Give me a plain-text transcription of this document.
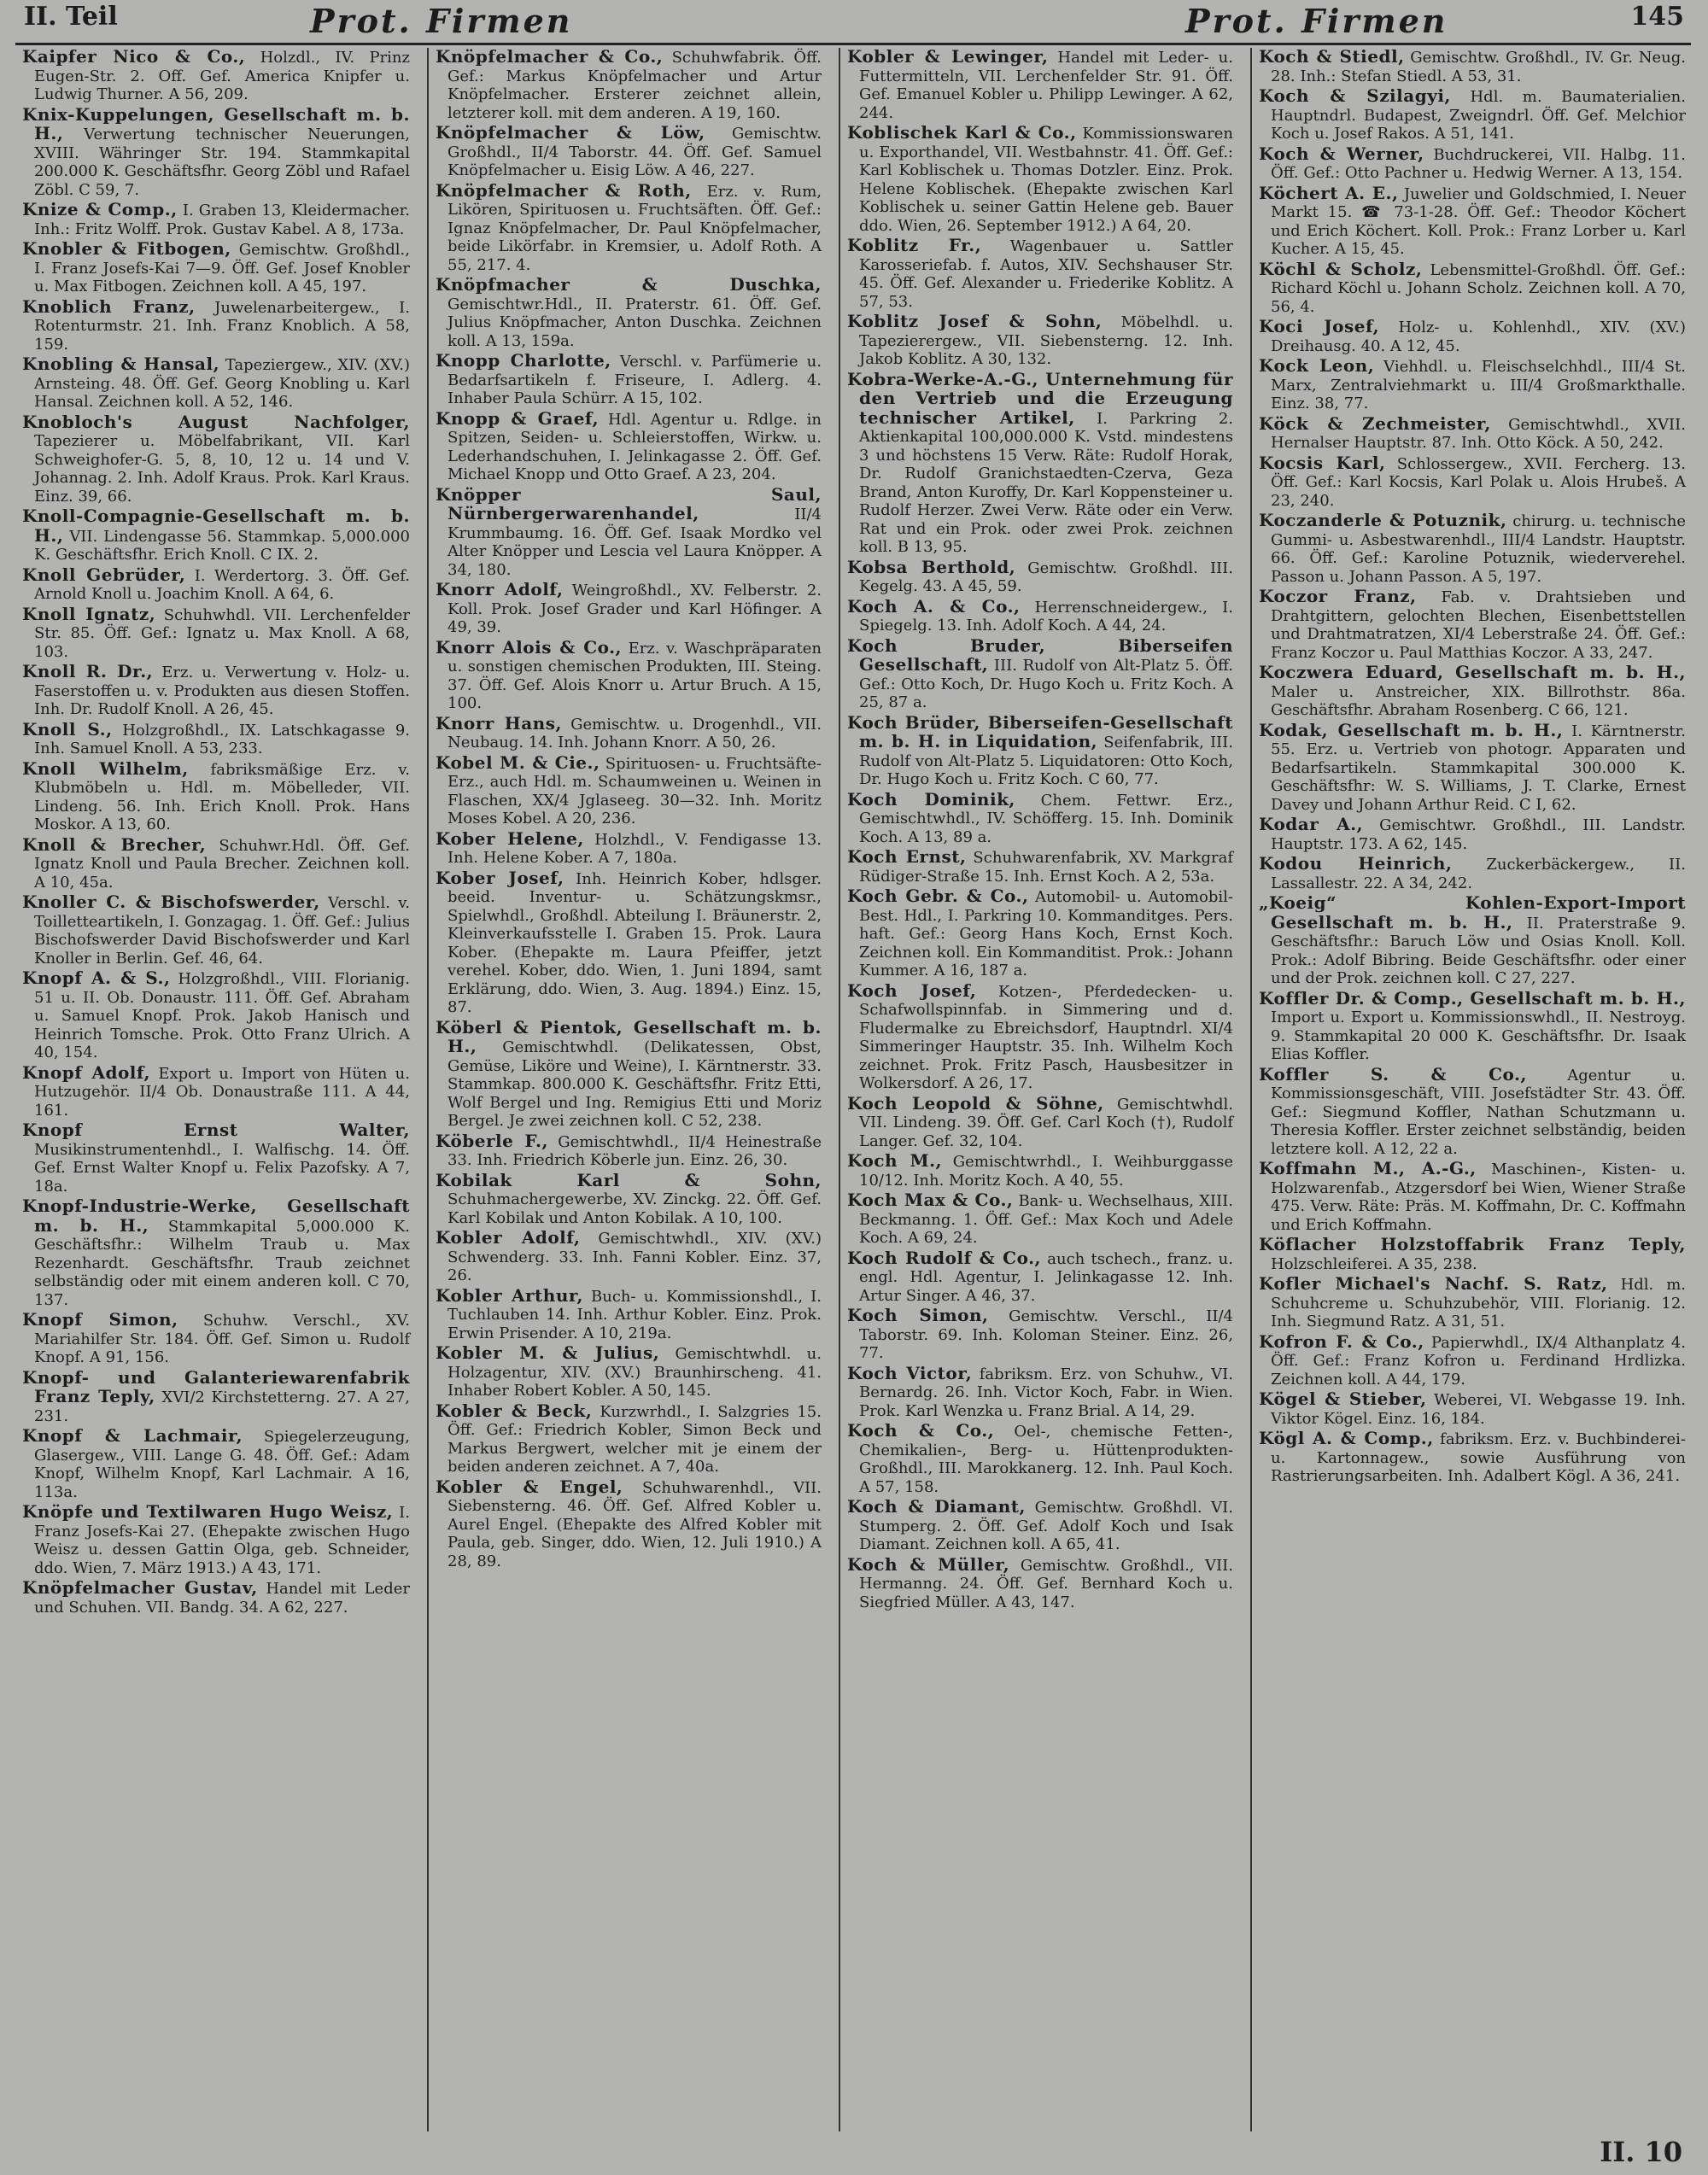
II. Teil	Prot. Firmen	Prot. Firmen	145
Kaipfer Nico & Co., Holzdl., IV. Prinz Eugen-Str. 2. Off. Gef. America Knipfer u. Ludwig Thurner. A 56, 209.
Knix-Kuppelungen, Gesellschaft m. b. H., Verwertung technischer Neuerungen, XVIII. Währinger Str. 194. Stammkapital 200.000 K. Geschäftsfhr. Georg Zöbl und Rafael Zöbl. C 59, 7.
Knize & Comp., I. Graben 13, Kleidermacher. Inh.: Fritz Wolff. Prok. Gustav Kabel. A 8, 173a.
Knobler & Fitbogen, Gemischtw. Großhdl., I. Franz Josefs-Kai 7—9. Öff. Gef. Josef Knobler u. Max Fitbogen. Zeichnen koll. A 45, 197.
Knoblich Franz, Juwelenarbeitergew., I. Rotenturmstr. 21. Inh. Franz Knoblich. A 58, 159.
Knobling & Hansal, Tapeziergew., XIV. (XV.) Arnsteing. 48. Öff. Gef. Georg Knobling u. Karl Hansal. Zeichnen koll. A 52, 146.
Knobloch's August Nachfolger, Tapezierer u. Möbelfabrikant, VII. Karl Schweighofer-G. 5, 8, 10, 12 u. 14 und V. Johannag. 2. Inh. Adolf Kraus. Prok. Karl Kraus. Einz. 39, 66.
Knoll-Compagnie-Gesellschaft m. b. H., VII. Lindengasse 56. Stammkap. 5,000.000 K. Geschäftsfhr. Erich Knoll. C IX. 2.
Knoll Gebrüder, I. Werdertorg. 3. Öff. Gef. Arnold Knoll u. Joachim Knoll. A 64, 6.
Knoll Ignatz, Schuhwhdl. VII. Lerchenfelder Str. 85. Öff. Gef.: Ignatz u. Max Knoll. A 68, 103.
Knoll R. Dr., Erz. u. Verwertung v. Holz- u. Faserstoffen u. v. Produkten aus diesen Stoffen. Inh. Dr. Rudolf Knoll. A 26, 45.
Knoll S., Holzgroßhdl., IX. Latschkagasse 9. Inh. Samuel Knoll. A 53, 233.
Knoll Wilhelm, fabriksmäßige Erz. v. Klubmöbeln u. Hdl. m. Möbelleder, VII. Lindeng. 56. Inh. Erich Knoll. Prok. Hans Moskor. A 13, 60.
Knoll & Brecher, Schuhwr.Hdl. Öff. Gef. Ignatz Knoll und Paula Brecher. Zeichnen koll. A 10, 45a.
Knoller C. & Bischofswerder, Verschl. v. Toilletteartikeln, I. Gonzagag. 1. Öff. Gef.: Julius Bischofswerder David Bischofswerder und Karl Knoller in Berlin. Gef. 46, 64.
Knopf A. & S., Holzgroßhdl., VIII. Florianig. 51 u. II. Ob. Donaustr. 111. Öff. Gef. Abraham u. Samuel Knopf. Prok. Jakob Hanisch und Heinrich Tomsche. Prok. Otto Franz Ulrich. A 40, 154.
Knopf Adolf, Export u. Import von Hüten u. Hutzugehör. II/4 Ob. Donaustraße 111. A 44, 161.
Knopf Ernst Walter, Musikinstrumentenhdl., I. Walfischg. 14. Öff. Gef. Ernst Walter Knopf u. Felix Pazofsky. A 7, 18a.
Knopf-Industrie-Werke, Gesellschaft m. b. H., Stammkapital 5,000.000 K. Geschäftsfhr.: Wilhelm Traub u. Max Rezenhardt. Geschäftsfhr. Traub zeichnet selbständig oder mit einem anderen koll. C 70, 137.
Knopf Simon, Schuhw. Verschl., XV. Mariahilfer Str. 184. Öff. Gef. Simon u. Rudolf Knopf. A 91, 156.
Knopf- und Galanteriewarenfabrik Franz Teply, XVI/2 Kirchstetterng. 27. A 27, 231.
Knopf & Lachmair, Spiegelerzeugung, Glasergew., VIII. Lange G. 48. Öff. Gef.: Adam Knopf, Wilhelm Knopf, Karl Lachmair. A 16, 113a.
Knöpfe und Textilwaren Hugo Weisz, I. Franz Josefs-Kai 27. (Ehepakte zwischen Hugo Weisz u. dessen Gattin Olga, geb. Schneider, ddo. Wien, 7. März 1913.) A 43, 171.
Knöpfelmacher Gustav, Handel mit Leder und Schuhen. VII. Bandg. 34. A 62, 227.
Knöpfelmacher & Co., Schuhwfabrik. Öff. Gef.: Markus Knöpfelmacher und Artur Knöpfelmacher. Ersterer zeichnet allein, letzterer koll. mit dem anderen. A 19, 160.
Knöpfelmacher & Löw, Gemischtw. Großhdl., II/4 Taborstr. 44. Öff. Gef. Samuel Knöpfelmacher u. Eisig Löw. A 46, 227.
Knöpfelmacher & Roth, Erz. v. Rum, Likören, Spirituosen u. Fruchtsäften. Öff. Gef.: Ignaz Knöpfelmacher, Dr. Paul Knöpfelmacher, beide Likörfabr. in Kremsier, u. Adolf Roth. A 55, 217. 4.
Knöpfmacher & Duschka, Gemischtwr.Hdl., II. Praterstr. 61. Öff. Gef. Julius Knöpfmacher, Anton Duschka. Zeichnen koll. A 13, 159a.
Knopp Charlotte, Verschl. v. Parfümerie u. Bedarfsartikeln f. Friseure, I. Adlerg. 4. Inhaber Paula Schürr. A 15, 102.
Knopp & Graef, Hdl. Agentur u. Rdlge. in Spitzen, Seiden- u. Schleierstoffen, Wirkw. u. Lederhandschuhen, I. Jelinkagasse 2. Öff. Gef. Michael Knopp und Otto Graef. A 23, 204.
Knöpper Saul, Nürnbergerwarenhandel, II/4 Krummbaumg. 16. Öff. Gef. Isaak Mordko vel Alter Knöpper und Lescia vel Laura Knöpper. A 34, 180.
Knorr Adolf, Weingroßhdl., XV. Felberstr. 2. Koll. Prok. Josef Grader und Karl Höfinger. A 49, 39.
Knorr Alois & Co., Erz. v. Waschpräparaten u. sonstigen chemischen Produkten, III. Steing. 37. Öff. Gef. Alois Knorr u. Artur Bruch. A 15, 100.
Knorr Hans, Gemischtw. u. Drogenhdl., VII. Neubaug. 14. Inh. Johann Knorr. A 50, 26.
Kobel M. & Cie., Spirituosen- u. Fruchtsäfte-Erz., auch Hdl. m. Schaumweinen u. Weinen in Flaschen, XX/4 Jglaseeg. 30—32. Inh. Moritz Moses Kobel. A 20, 236.
Kober Helene, Holzhdl., V. Fendigasse 13. Inh. Helene Kober. A 7, 180a.
Kober Josef, Inh. Heinrich Kober, hdlsger. beeid. Inventur- u. Schätzungskmsr., Spielwhdl., Großhdl. Abteilung I. Bräunerstr. 2, Kleinverkaufsstelle I. Graben 15. Prok. Laura Kober. (Ehepakte m. Laura Pfeiffer, jetzt verehel. Kober, ddo. Wien, 1. Juni 1894, samt Erklärung, ddo. Wien, 3. Aug. 1894.) Einz. 15, 87.
Köberl & Pientok, Gesellschaft m. b. H., Gemischtwhdl. (Delikatessen, Obst, Gemüse, Liköre und Weine), I. Kärntnerstr. 33. Stammkap. 800.000 K. Geschäftsfhr. Fritz Etti, Wolf Bergel und Ing. Remigius Etti und Moriz Bergel. Je zwei zeichnen koll. C 52, 238.
Köberle F., Gemischtwhdl., II/4 Heinestraße 33. Inh. Friedrich Köberle jun. Einz. 26, 30.
Kobilak Karl & Sohn, Schuhmachergewerbe, XV. Zinckg. 22. Öff. Gef. Karl Kobilak und Anton Kobilak. A 10, 100.
Kobler Adolf, Gemischtwhdl., XIV. (XV.) Schwenderg. 33. Inh. Fanni Kobler. Einz. 37, 26.
Kobler Arthur, Buch- u. Kommissionshdl., I. Tuchlauben 14. Inh. Arthur Kobler. Einz. Prok. Erwin Prisender. A 10, 219a.
Kobler M. & Julius, Gemischtwhdl. u. Holzagentur, XIV. (XV.) Braunhirscheng. 41. Inhaber Robert Kobler. A 50, 145.
Kobler & Beck, Kurzwrhdl., I. Salzgries 15. Öff. Gef.: Friedrich Kobler, Simon Beck und Markus Bergwert, welcher mit je einem der beiden anderen zeichnet. A 7, 40a.
Kobler & Engel, Schuhwarenhdl., VII. Siebensterng. 46. Öff. Gef. Alfred Kobler u. Aurel Engel. (Ehepakte des Alfred Kobler mit Paula, geb. Singer, ddo. Wien, 12. Juli 1910.) A 28, 89.
Kobler & Lewinger, Handel mit Leder- u. Futtermitteln, VII. Lerchenfelder Str. 91. Öff. Gef. Emanuel Kobler u. Philipp Lewinger. A 62, 244.
Koblischek Karl & Co., Kommissionswaren u. Exporthandel, VII. Westbahnstr. 41. Öff. Gef.: Karl Koblischek u. Thomas Dotzler. Einz. Prok. Helene Koblischek. (Ehepakte zwischen Karl Koblischek u. seiner Gattin Helene geb. Bauer ddo. Wien, 26. September 1912.) A 64, 20.
Koblitz Fr., Wagenbauer u. Sattler Karosseriefab. f. Autos, XIV. Sechshauser Str. 45. Öff. Gef. Alexander u. Friederike Koblitz. A 57, 53.
Koblitz Josef & Sohn, Möbelhdl. u. Tapezierergew., VII. Siebensterng. 12. Inh. Jakob Koblitz. A 30, 132.
Kobra-Werke-A.-G., Unternehmung für den Vertrieb und die Erzeugung technischer Artikel, I. Parkring 2. Aktienkapital 100,000.000 K. Vstd. mindestens 3 und höchstens 15 Verw. Räte: Rudolf Horak, Dr. Rudolf Granichstaedten-Czerva, Geza Brand, Anton Kuroffy, Dr. Karl Koppensteiner u. Rudolf Herzer. Zwei Verw. Räte oder ein Verw. Rat und ein Prok. oder zwei Prok. zeichnen koll. B 13, 95.
Kobsa Berthold, Gemischtw. Großhdl. III. Kegelg. 43. A 45, 59.
Koch A. & Co., Herrenschneidergew., I. Spiegelg. 13. Inh. Adolf Koch. A 44, 24.
Koch Bruder, Biberseifen Gesellschaft, III. Rudolf von Alt-Platz 5. Öff. Gef.: Otto Koch, Dr. Hugo Koch u. Fritz Koch. A 25, 87 a.
Koch Brüder, Biberseifen-Gesellschaft m. b. H. in Liquidation, Seifenfabrik, III. Rudolf von Alt-Platz 5. Liquidatoren: Otto Koch, Dr. Hugo Koch u. Fritz Koch. C 60, 77.
Koch Dominik, Chem. Fettwr. Erz., Gemischtwhdl., IV. Schöfferg. 15. Inh. Dominik Koch. A 13, 89 a.
Koch Ernst, Schuhwarenfabrik, XV. Markgraf Rüdiger-Straße 15. Inh. Ernst Koch. A 2, 53a.
Koch Gebr. & Co., Automobil- u. Automobil-Best. Hdl., I. Parkring 10. Kommanditges. Pers. haft. Gef.: Georg Hans Koch, Ernst Koch. Zeichnen koll. Ein Kommanditist. Prok.: Johann Kummer. A 16, 187 a.
Koch Josef, Kotzen-, Pferdedecken- u. Schafwollspinnfab. in Simmering und d. Fludermalke zu Ebreichsdorf, Hauptndrl. XI/4 Simmeringer Hauptstr. 35. Inh. Wilhelm Koch zeichnet. Prok. Fritz Pasch, Hausbesitzer in Wolkersdorf. A 26, 17.
Koch Leopold & Söhne, Gemischtwhdl. VII. Lindeng. 39. Öff. Gef. Carl Koch (†), Rudolf Langer. Gef. 32, 104.
Koch M., Gemischtwrhdl., I. Weihburggasse 10/12. Inh. Moritz Koch. A 40, 55.
Koch Max & Co., Bank- u. Wechselhaus, XIII. Beckmanng. 1. Öff. Gef.: Max Koch und Adele Koch. A 69, 24.
Koch Rudolf & Co., auch tschech., franz. u. engl. Hdl. Agentur, I. Jelinkagasse 12. Inh. Artur Singer. A 46, 37.
Koch Simon, Gemischtw. Verschl., II/4 Taborstr. 69. Inh. Koloman Steiner. Einz. 26, 77.
Koch Victor, fabriksm. Erz. von Schuhw., VI. Bernardg. 26. Inh. Victor Koch, Fabr. in Wien. Prok. Karl Wenzka u. Franz Brial. A 14, 29.
Koch & Co., Oel-, chemische Fetten-, Chemikalien-, Berg- u. Hüttenprodukten-Großhdl., III. Marokkanerg. 12. Inh. Paul Koch. A 57, 158.
Koch & Diamant, Gemischtw. Großhdl. VI. Stumperg. 2. Öff. Gef. Adolf Koch und Isak Diamant. Zeichnen koll. A 65, 41.
Koch & Müller, Gemischtw. Großhdl., VII. Hermanng. 24. Öff. Gef. Bernhard Koch u. Siegfried Müller. A 43, 147.
Koch & Stiedl, Gemischtw. Großhdl., IV. Gr. Neug. 28. Inh.: Stefan Stiedl. A 53, 31.
Koch & Szilagyi, Hdl. m. Baumaterialien. Hauptndrl. Budapest, Zweigndrl. Öff. Gef. Melchior Koch u. Josef Rakos. A 51, 141.
Koch & Werner, Buchdruckerei, VII. Halbg. 11. Öff. Gef.: Otto Pachner u. Hedwig Werner. A 13, 154.
Köchert A. E., Juwelier und Goldschmied, I. Neuer Markt 15. ☎ 73-1-28. Öff. Gef.: Theodor Köchert und Erich Köchert. Koll. Prok.: Franz Lorber u. Karl Kucher. A 15, 45.
Köchl & Scholz, Lebensmittel-Großhdl. Öff. Gef.: Richard Köchl u. Johann Scholz. Zeichnen koll. A 70, 56, 4.
Koci Josef, Holz- u. Kohlenhdl., XIV. (XV.) Dreihausg. 40. A 12, 45.
Kock Leon, Viehhdl. u. Fleischselchhdl., III/4 St. Marx, Zentralviehmarkt u. III/4 Großmarkthalle. Einz. 38, 77.
Köck & Zechmeister, Gemischtwhdl., XVII. Hernalser Hauptstr. 87. Inh. Otto Köck. A 50, 242.
Kocsis Karl, Schlossergew., XVII. Fercherg. 13. Öff. Gef.: Karl Kocsis, Karl Polak u. Alois Hrubeš. A 23, 240.
Koczanderle & Potuznik, chirurg. u. technische Gummi- u. Asbestwarenhdl., III/4 Landstr. Hauptstr. 66. Öff. Gef.: Karoline Potuznik, wiederverehel. Passon u. Johann Passon. A 5, 197.
Koczor Franz, Fab. v. Drahtsieben und Drahtgittern, gelochten Blechen, Eisenbettstellen und Drahtmatratzen, XI/4 Leberstraße 24. Öff. Gef.: Franz Koczor u. Paul Matthias Koczor. A 33, 247.
Koczwera Eduard, Gesellschaft m. b. H., Maler u. Anstreicher, XIX. Billrothstr. 86a. Geschäftsfhr. Abraham Rosenberg. C 66, 121.
Kodak, Gesellschaft m. b. H., I. Kärntnerstr. 55. Erz. u. Vertrieb von photogr. Apparaten und Bedarfsartikeln. Stammkapital 300.000 K. Geschäftsfhr: W. S. Williams, J. T. Clarke, Ernest Davey und Johann Arthur Reid. C I, 62.
Kodar A., Gemischtwr. Großhdl., III. Landstr. Hauptstr. 173. A 62, 145.
Kodou Heinrich, Zuckerbäckergew., II. Lassallestr. 22. A 34, 242.
„Koeig“ Kohlen-Export-Import Gesellschaft m. b. H., II. Praterstraße 9. Geschäftsfhr.: Baruch Löw und Osias Knoll. Koll. Prok.: Adolf Bibring. Beide Geschäftsfhr. oder einer und der Prok. zeichnen koll. C 27, 227.
Koffler Dr. & Comp., Gesellschaft m. b. H., Import u. Export u. Kommissionswhdl., II. Nestroyg. 9. Stammkapital 20 000 K. Geschäftsfhr. Dr. Isaak Elias Koffler.
Koffler S. & Co., Agentur u. Kommissionsgeschäft, VIII. Josefstädter Str. 43. Öff. Gef.: Siegmund Koffler, Nathan Schutzmann u. Theresia Koffler. Erster zeichnet selbständig, beiden letztere koll. A 12, 22 a.
Koffmahn M., A.-G., Maschinen-, Kisten- u. Holzwarenfab., Atzgersdorf bei Wien, Wiener Straße 475. Verw. Räte: Präs. M. Koffmahn, Dr. C. Koffmahn und Erich Koffmahn.
Köflacher Holzstoffabrik Franz Teply, Holzschleiferei. A 35, 238.
Kofler Michael's Nachf. S. Ratz, Hdl. m. Schuhcreme u. Schuhzubehör, VIII. Florianig. 12. Inh. Siegmund Ratz. A 31, 51.
Kofron F. & Co., Papierwhdl., IX/4 Althanplatz 4. Öff. Gef.: Franz Kofron u. Ferdinand Hrdlizka. Zeichnen koll. A 44, 179.
Kögel & Stieber, Weberei, VI. Webgasse 19. Inh. Viktor Kögel. Einz. 16, 184.
Kögl A. & Comp., fabriksm. Erz. v. Buchbinderei- u. Kartonnagew., sowie Ausführung von Rastrierungsarbeiten. Inh. Adalbert Kögl. A 36, 241.
II. 10
